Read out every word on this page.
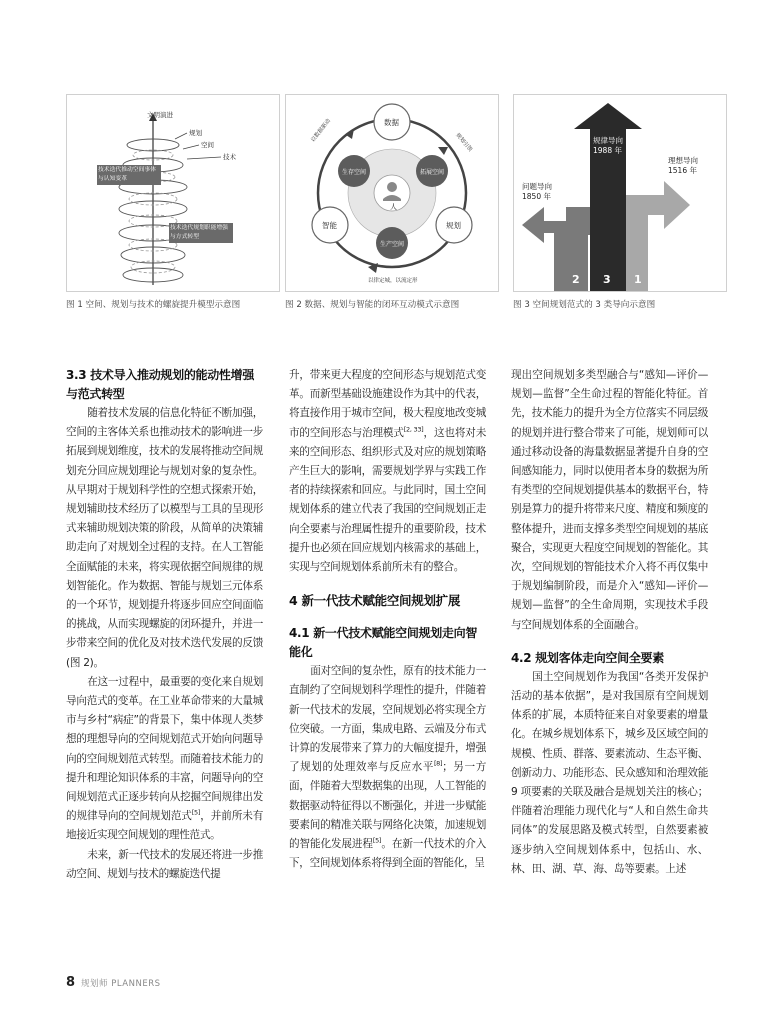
文明演进
规划
空间
技术
技术迭代推动空间事体与认知变革
技术迭代规划职能增强与方式转型
图 1 空间、规划与技术的螺旋提升模型示意图
人
生存空间	拓展空间
生产空间
数据
智能	规划
以数据驱动	规划引领
以律定城，以流定形
图 2 数据、规划与智能的闭环互动模式示意图
规律导向
1988 年
理想导向
1516 年
问题导向
1850 年
2 3 1
图 3 空间规划范式的 3 类导向示意图
3.3 技术导入推动规划的能动性增强与范式转型

随着技术发展的信息化特征不断加强，空间的主客体关系也推动技术的影响进一步拓展到规划维度，技术的发展将推动空间规划充分回应规划理论与规划对象的复杂性。从早期对于规划科学性的空想式探索开始，规划辅助技术经历了以模型与工具的呈现形式来辅助规划决策的阶段，从简单的决策辅助走向了对规划全过程的支持。在人工智能全面赋能的未来，将实现依据空间规律的规划智能化。作为数据、智能与规划三元体系的一个环节，规划提升将逐步回应空间面临的挑战，从而实现螺旋的闭环提升，并进一步带来空间的优化及对技术迭代发展的反馈 (图 2)。

在这一过程中，最重要的变化来自规划导向范式的变革。在工业革命带来的大量城市与乡村“病症”的背景下，集中体现人类梦想的理想导向的空间规划范式开始向问题导向的空间规划范式转型。而随着技术能力的提升和理论知识体系的丰富，问题导向的空间规划范式正逐步转向从挖掘空间规律出发的规律导向的空间规划范式[5]，并前所未有地接近实现空间规划的理性范式。

未来，新一代技术的发展还将进一步推动空间、规划与技术的螺旋迭代提

升，带来更大程度的空间形态与规划范式变革。而新型基础设施建设作为其中的代表，将直接作用于城市空间，极大程度地改变城市的空间形态与治理模式[2, 33]，这也将对未来的空间形态、组织形式及对应的规划策略产生巨大的影响，需要规划学界与实践工作者的持续探索和回应。与此同时，国土空间规划体系的建立代表了我国的空间规划正走向全要素与治理属性提升的重要阶段，技术提升也必须在回应规划内核需求的基础上，实现与空间规划体系前所未有的整合。

4 新一代技术赋能空间规划扩展
4.1 新一代技术赋能空间规划走向智能化

面对空间的复杂性，原有的技术能力一直制约了空间规划科学理性的提升，伴随着新一代技术的发展，空间规划必将实现全方位突破。一方面，集成电路、云端及分布式计算的发展带来了算力的大幅度提升，增强了规划的处理效率与反应水平[8]；另一方面，伴随着大型数据集的出现，人工智能的数据驱动特征得以不断强化，并进一步赋能要素间的精准关联与网络化决策，加速规划的智能化发展进程[5]。在新一代技术的介入下，空间规划体系将得到全面的智能化，呈

现出空间规划多类型融合与“感知—评价—规划—监督”全生命过程的智能化特征。首先，技术能力的提升为全方位落实不同层级的规划并进行整合带来了可能，规划师可以通过移动设备的海量数据显著提升自身的空间感知能力，同时以使用者本身的数据为所有类型的空间规划提供基本的数据平台，特别是算力的提升将带来尺度、精度和频度的整体提升，进而支撑多类型空间规划的基底聚合，实现更大程度空间规划的智能化。其次，空间规划的智能技术介入将不再仅集中于规划编制阶段，而是介入“感知—评价—规划—监督”的全生命周期，实现技术手段与空间规划体系的全面融合。

4.2 规划客体走向空间全要素

国土空间规划作为我国“各类开发保护活动的基本依据”，是对我国原有空间规划体系的扩展，本质特征来自对象要素的增量化。在城乡规划体系下，城乡及区域空间的规模、性质、群落、要素流动、生态平衡、创新动力、功能形态、民众感知和治理效能 9 项要素的关联及融合是规划关注的核心；伴随着治理能力现代化与“人和自然生命共同体”的发展思路及模式转型，自然要素被逐步纳入空间规划体系中，包括山、水、林、田、湖、草、海、岛等要素。上述

8 规划师 PLANNERS
